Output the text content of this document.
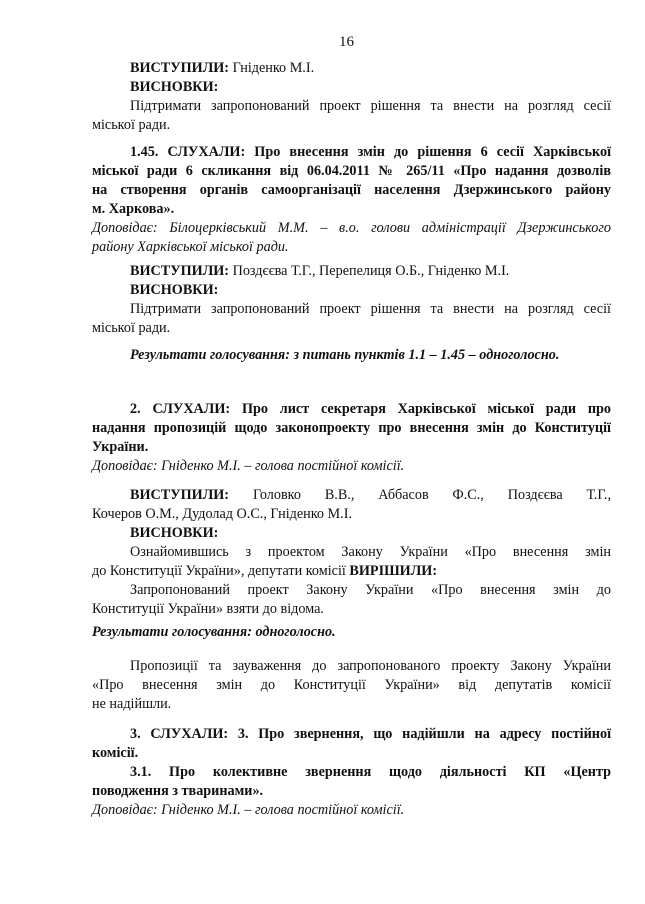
16

ВИСТУПИЛИ: Гніденко М.І.

ВИСНОВКИ:

Підтримати запропонований проект рішення та внести на розгляд сесії

міської ради.

1.45. СЛУХАЛИ: Про внесення змін до рішення 6 сесії Харківської

міської ради 6 скликання від 06.04.2011 № 265/11 «Про надання дозволів

на створення органів самоорганізації населення Дзержинського району

м. Харкова».

Доповідає: Білоцерківський М.М. – в.о. голови адміністрації Дзержинського

району Харківської міської ради.

ВИСТУПИЛИ: Поздєєва Т.Г., Перепелиця О.Б., Гніденко М.І.

ВИСНОВКИ:

Підтримати запропонований проект рішення та внести на розгляд сесії

міської ради.

Результати голосування: з питань пунктів 1.1 – 1.45 – одноголосно.

2. СЛУХАЛИ: Про лист секретаря Харківської міської ради про

надання пропозицій щодо законопроекту про внесення змін до Конституції

України.

Доповідає: Гніденко М.І. – голова постійної комісії.

ВИСТУПИЛИ: Головко В.В., Аббасов Ф.С., Поздєєва Т.Г.,

Кочеров О.М., Дудолад О.С., Гніденко М.І.

ВИСНОВКИ:

Ознайомившись з проектом Закону України «Про внесення змін

до Конституції України», депутати комісії ВИРІШИЛИ:

Запропонований проект Закону України «Про внесення змін до

Конституції України» взяти до відома.

Результати голосування: одноголосно.

Пропозиції та зауваження до запропонованого проекту Закону України

«Про внесення змін до Конституції України» від депутатів комісії

не надійшли.

3. СЛУХАЛИ: 3. Про звернення, що надійшли на адресу постійної

комісії.

3.1. Про колективне звернення щодо діяльності КП «Центр

поводження з тваринами».

Доповідає: Гніденко М.І. – голова постійної комісії.
